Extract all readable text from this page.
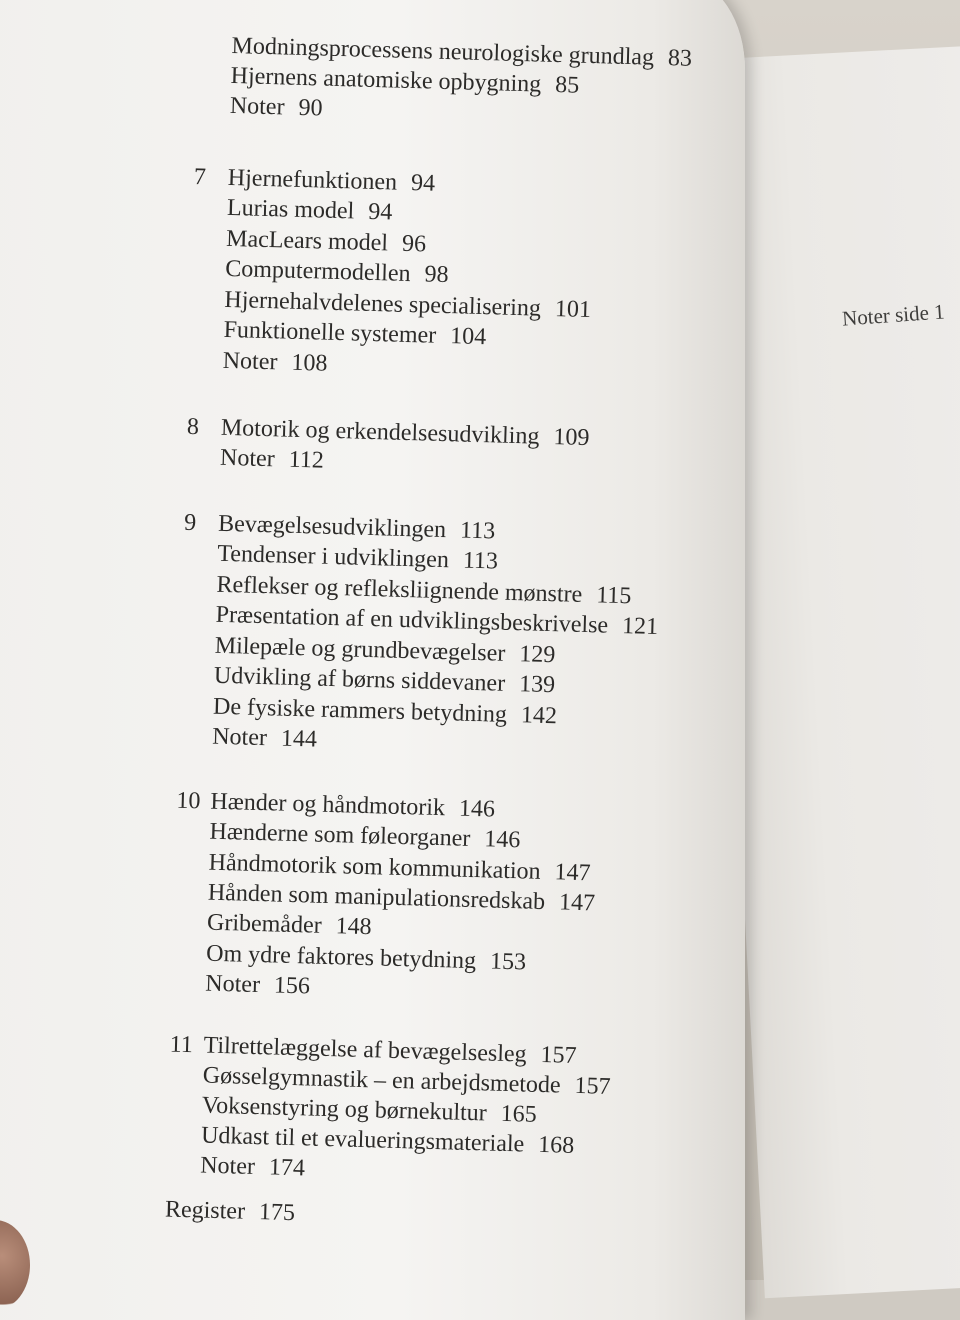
Noter side 1
Modningsprocessens neurologiske grundlag 83
Hjernens anatomiske opbygning 85
Noter 90
7 Hjernefunktionen 94
Lurias model 94
MacLears model 96
Computermodellen 98
Hjernehalvdelenes specialisering 101
Funktionelle systemer 104
Noter 108
8 Motorik og erkendelsesudvikling 109
Noter 112
9 Bevægelsesudviklingen 113
Tendenser i udviklingen 113
Reflekser og refleksliignende mønstre 115
Præsentation af en udviklingsbeskrivelse 121
Milepæle og grundbevægelser 129
Udvikling af børns siddevaner 139
De fysiske rammers betydning 142
Noter 144
10 Hænder og håndmotorik 146
Hænderne som føleorganer 146
Håndmotorik som kommunikation 147
Hånden som manipulationsredskab 147
Gribemåder 148
Om ydre faktores betydning 153
Noter 156
11 Tilrettelæggelse af bevægelsesleg 157
Gøsselgymnastik – en arbejdsmetode 157
Voksenstyring og børnekultur 165
Udkast til et evalueringsmateriale 168
Noter 174
Register 175
